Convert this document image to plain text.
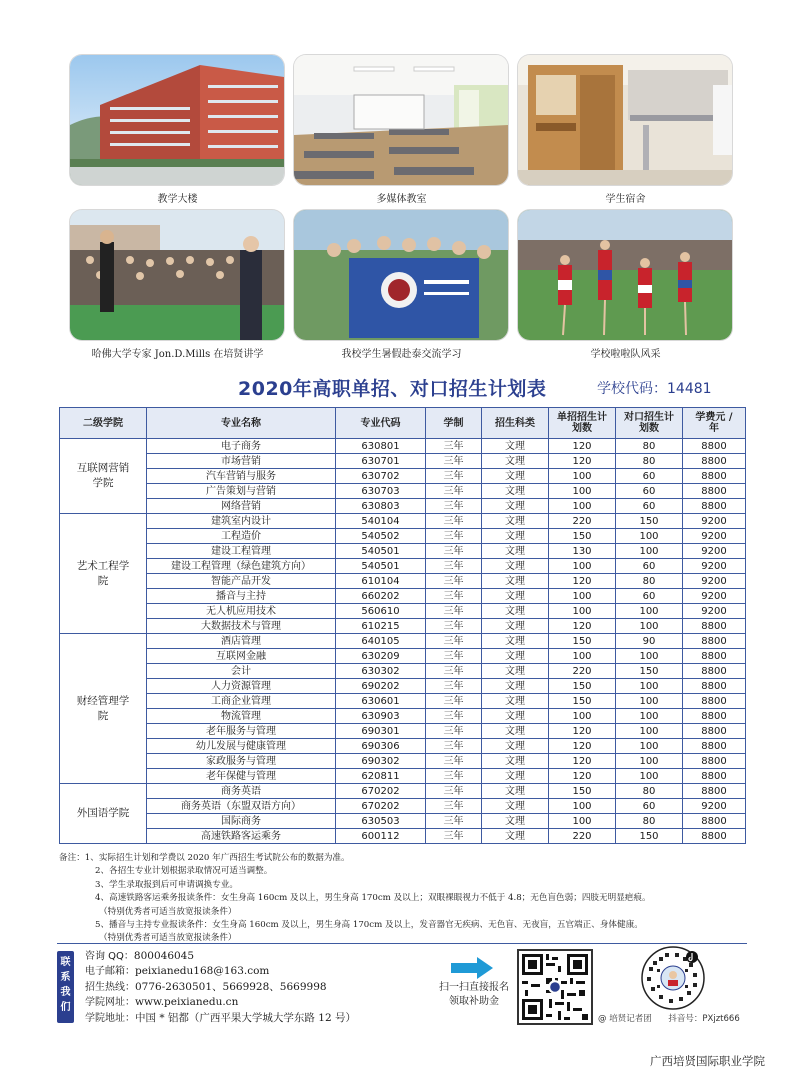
教学大楼	多媒体教室	学生宿舍
哈佛大学专家 Jon.D.Mills 在培贤讲学	我校学生暑假赴泰交流学习	学校啦啦队风采
2020年高职单招、对口招生计划表	学校代码：14481
二级学院	专业名称	专业代码	学制	招生科类	单招招生计划数	对口招生计划数	学费元 / 年
互联网营销学院	电子商务	630801	三年	文理	120	80	8800
	市场营销	630701	三年	文理	120	80	8800
	汽车营销与服务	630702	三年	文理	100	60	8800
	广告策划与营销	630703	三年	文理	100	60	8800
	网络营销	630803	三年	文理	100	60	8800
艺术工程学院	建筑室内设计	540104	三年	文理	220	150	9200
	工程造价	540502	三年	文理	150	100	9200
	建设工程管理	540501	三年	文理	130	100	9200
	建设工程管理（绿色建筑方向）	540501	三年	文理	100	60	9200
	智能产品开发	610104	三年	文理	120	80	9200
	播音与主持	660202	三年	文理	100	60	9200
	无人机应用技术	560610	三年	文理	100	100	9200
	大数据技术与管理	610215	三年	文理	120	100	8800
财经管理学院	酒店管理	640105	三年	文理	150	90	8800
	互联网金融	630209	三年	文理	100	100	8800
	会计	630302	三年	文理	220	150	8800
	人力资源管理	690202	三年	文理	150	100	8800
	工商企业管理	630601	三年	文理	150	100	8800
	物流管理	630903	三年	文理	100	100	8800
	老年服务与管理	690301	三年	文理	120	100	8800
	幼儿发展与健康管理	690306	三年	文理	120	100	8800
	家政服务与管理	690302	三年	文理	120	100	8800
	老年保健与管理	620811	三年	文理	120	100	8800
外国语学院	商务英语	670202	三年	文理	150	80	8800
	商务英语（东盟双语方向）	670202	三年	文理	100	60	9200
	国际商务	630503	三年	文理	100	80	8800
	高速铁路客运乘务	600112	三年	文理	220	150	8800
备注：1、实际招生计划和学费以 2020 年广西招生考试院公布的数据为准。
2、各招生专业计划根据录取情况可适当调整。
3、学生录取报到后可申请调换专业。
4、高速铁路客运乘务报读条件：女生身高 160cm 及以上，男生身高 170cm 及以上；双眼裸眼视力不低于 4.8；无色盲色弱；四肢无明显疤痕。
（特别优秀者可适当放宽报读条件）
5、播音与主持专业报读条件：女生身高 160cm 及以上，男生身高 170cm 及以上，发音器官无疾病、无色盲、无夜盲，五官端正、身体健康。
（特别优秀者可适当放宽报读条件）
联系我们
咨询 QQ：800046045
电子邮箱：peixianedu168@163.com
招生热线：0776-2630501、5669928、5669998
学院网址：www.peixianedu.cn
学院地址：中国 * 铝都（广西平果大学城大学东路 12 号）
扫一扫直接报名
领取补助金
@ 培贤记者团 抖音号：PXjzt666
广西培贤国际职业学院
